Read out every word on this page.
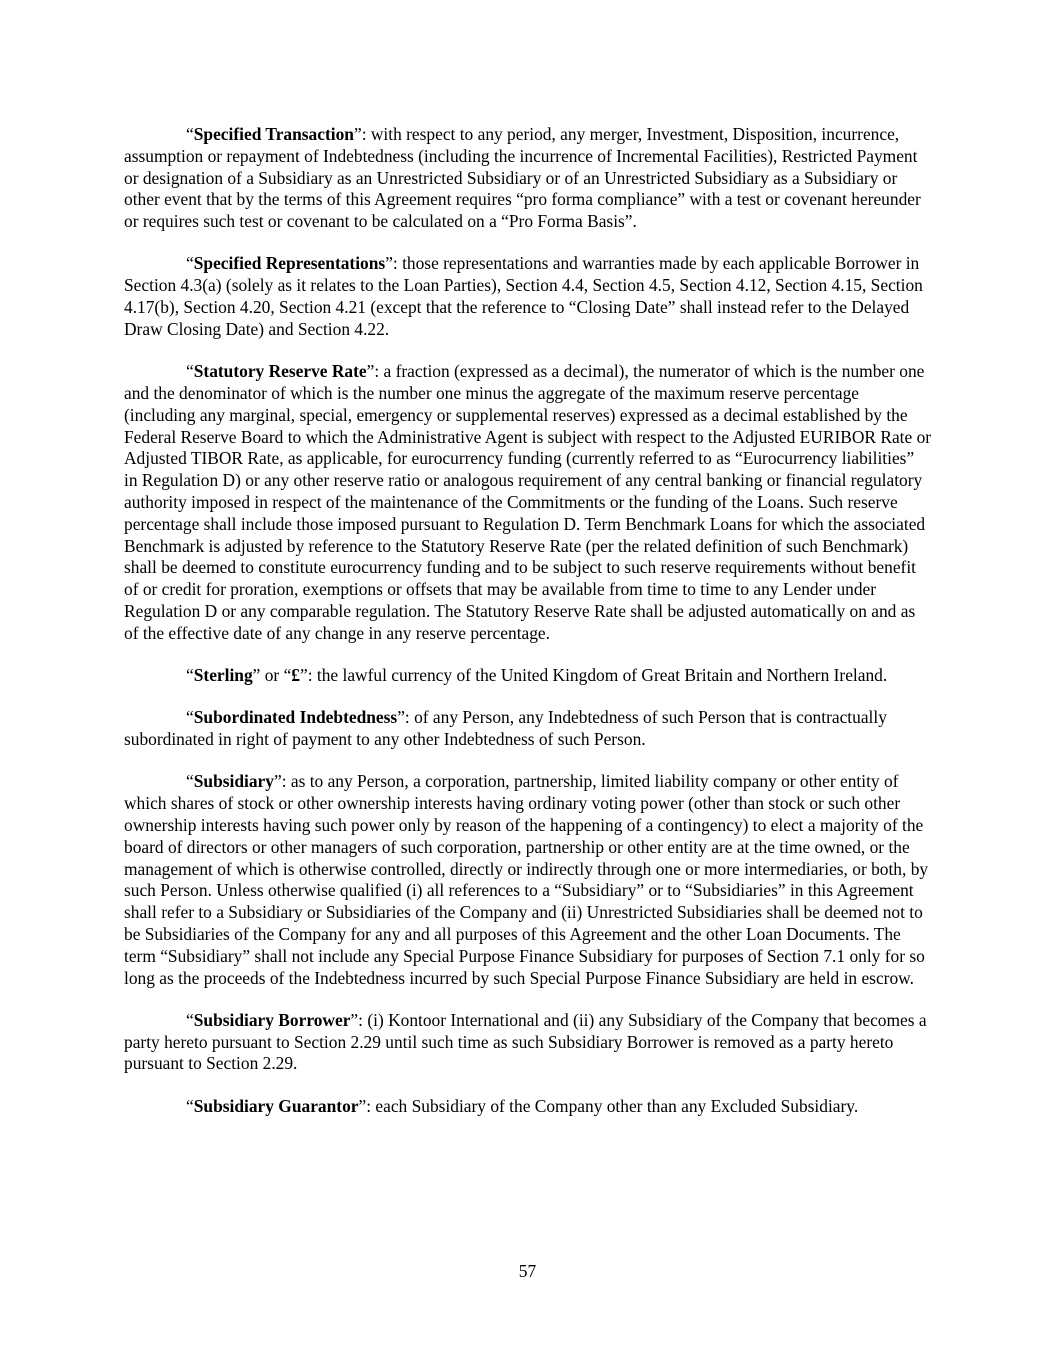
“Specified Transaction”: with respect to any period, any merger, Investment, Disposition, incurrence, assumption or repayment of Indebtedness (including the incurrence of Incremental Facilities), Restricted Payment or designation of a Subsidiary as an Unrestricted Subsidiary or of an Unrestricted Subsidiary as a Subsidiary or other event that by the terms of this Agreement requires “pro forma compliance” with a test or covenant hereunder or requires such test or covenant to be calculated on a “Pro Forma Basis”.

“Specified Representations”: those representations and warranties made by each applicable Borrower in Section 4.3(a) (solely as it relates to the Loan Parties), Section 4.4, Section 4.5, Section 4.12, Section 4.15, Section 4.17(b), Section 4.20, Section 4.21 (except that the reference to “Closing Date” shall instead refer to the Delayed Draw Closing Date) and Section 4.22.

“Statutory Reserve Rate”: a fraction (expressed as a decimal), the numerator of which is the number one and the denominator of which is the number one minus the aggregate of the maximum reserve percentage (including any marginal, special, emergency or supplemental reserves) expressed as a decimal established by the Federal Reserve Board to which the Administrative Agent is subject with respect to the Adjusted EURIBOR Rate or Adjusted TIBOR Rate, as applicable, for eurocurrency funding (currently referred to as “Eurocurrency liabilities” in Regulation D) or any other reserve ratio or analogous requirement of any central banking or financial regulatory authority imposed in respect of the maintenance of the Commitments or the funding of the Loans. Such reserve percentage shall include those imposed pursuant to Regulation D. Term Benchmark Loans for which the associated Benchmark is adjusted by reference to the Statutory Reserve Rate (per the related definition of such Benchmark) shall be deemed to constitute eurocurrency funding and to be subject to such reserve requirements without benefit of or credit for proration, exemptions or offsets that may be available from time to time to any Lender under Regulation D or any comparable regulation. The Statutory Reserve Rate shall be adjusted automatically on and as of the effective date of any change in any reserve percentage.

“Sterling” or “£”: the lawful currency of the United Kingdom of Great Britain and Northern Ireland.

“Subordinated Indebtedness”: of any Person, any Indebtedness of such Person that is contractually subordinated in right of payment to any other Indebtedness of such Person.

“Subsidiary”: as to any Person, a corporation, partnership, limited liability company or other entity of which shares of stock or other ownership interests having ordinary voting power (other than stock or such other ownership interests having such power only by reason of the happening of a contingency) to elect a majority of the board of directors or other managers of such corporation, partnership or other entity are at the time owned, or the management of which is otherwise controlled, directly or indirectly through one or more intermediaries, or both, by such Person. Unless otherwise qualified (i) all references to a “Subsidiary” or to “Subsidiaries” in this Agreement shall refer to a Subsidiary or Subsidiaries of the Company and (ii) Unrestricted Subsidiaries shall be deemed not to be Subsidiaries of the Company for any and all purposes of this Agreement and the other Loan Documents. The term “Subsidiary” shall not include any Special Purpose Finance Subsidiary for purposes of Section 7.1 only for so long as the proceeds of the Indebtedness incurred by such Special Purpose Finance Subsidiary are held in escrow.

“Subsidiary Borrower”: (i) Kontoor International and (ii) any Subsidiary of the Company that becomes a party hereto pursuant to Section 2.29 until such time as such Subsidiary Borrower is removed as a party hereto pursuant to Section 2.29.

“Subsidiary Guarantor”: each Subsidiary of the Company other than any Excluded Subsidiary.

57
